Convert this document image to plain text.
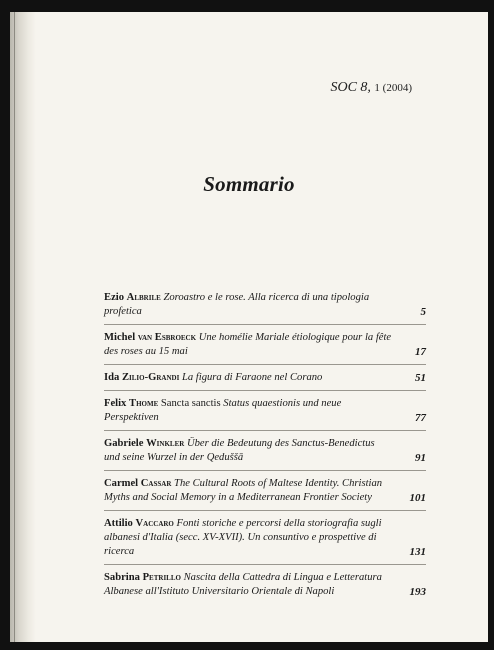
SOC 8, 1 (2004)
Sommario
Ezio Albrile Zoroastro e le rose. Alla ricerca di una tipologia profetica	5
Michel van Esbroeck Une homélie Mariale étiologique pour la fête des roses au 15 mai	17
Ida Zilio-Grandi La figura di Faraone nel Corano	51
Felix Thome Sancta sanctis Status quaestionis und neue Perspektiven	77
Gabriele Winkler Über die Bedeutung des Sanctus-Benedictus und seine Wurzel in der Qeduššā	91
Carmel Cassar The Cultural Roots of Maltese Identity. Christian Myths and Social Memory in a Mediterranean Frontier Society	101
Attilio Vaccaro Fonti storiche e percorsi della storiografia sugli albanesi d'Italia (secc. XV-XVII). Un consuntivo e prospettive di ricerca	131
Sabrina Petrillo Nascita della Cattedra di Lingua e Letteratura Albanese all'Istituto Universitario Orientale di Napoli	193
